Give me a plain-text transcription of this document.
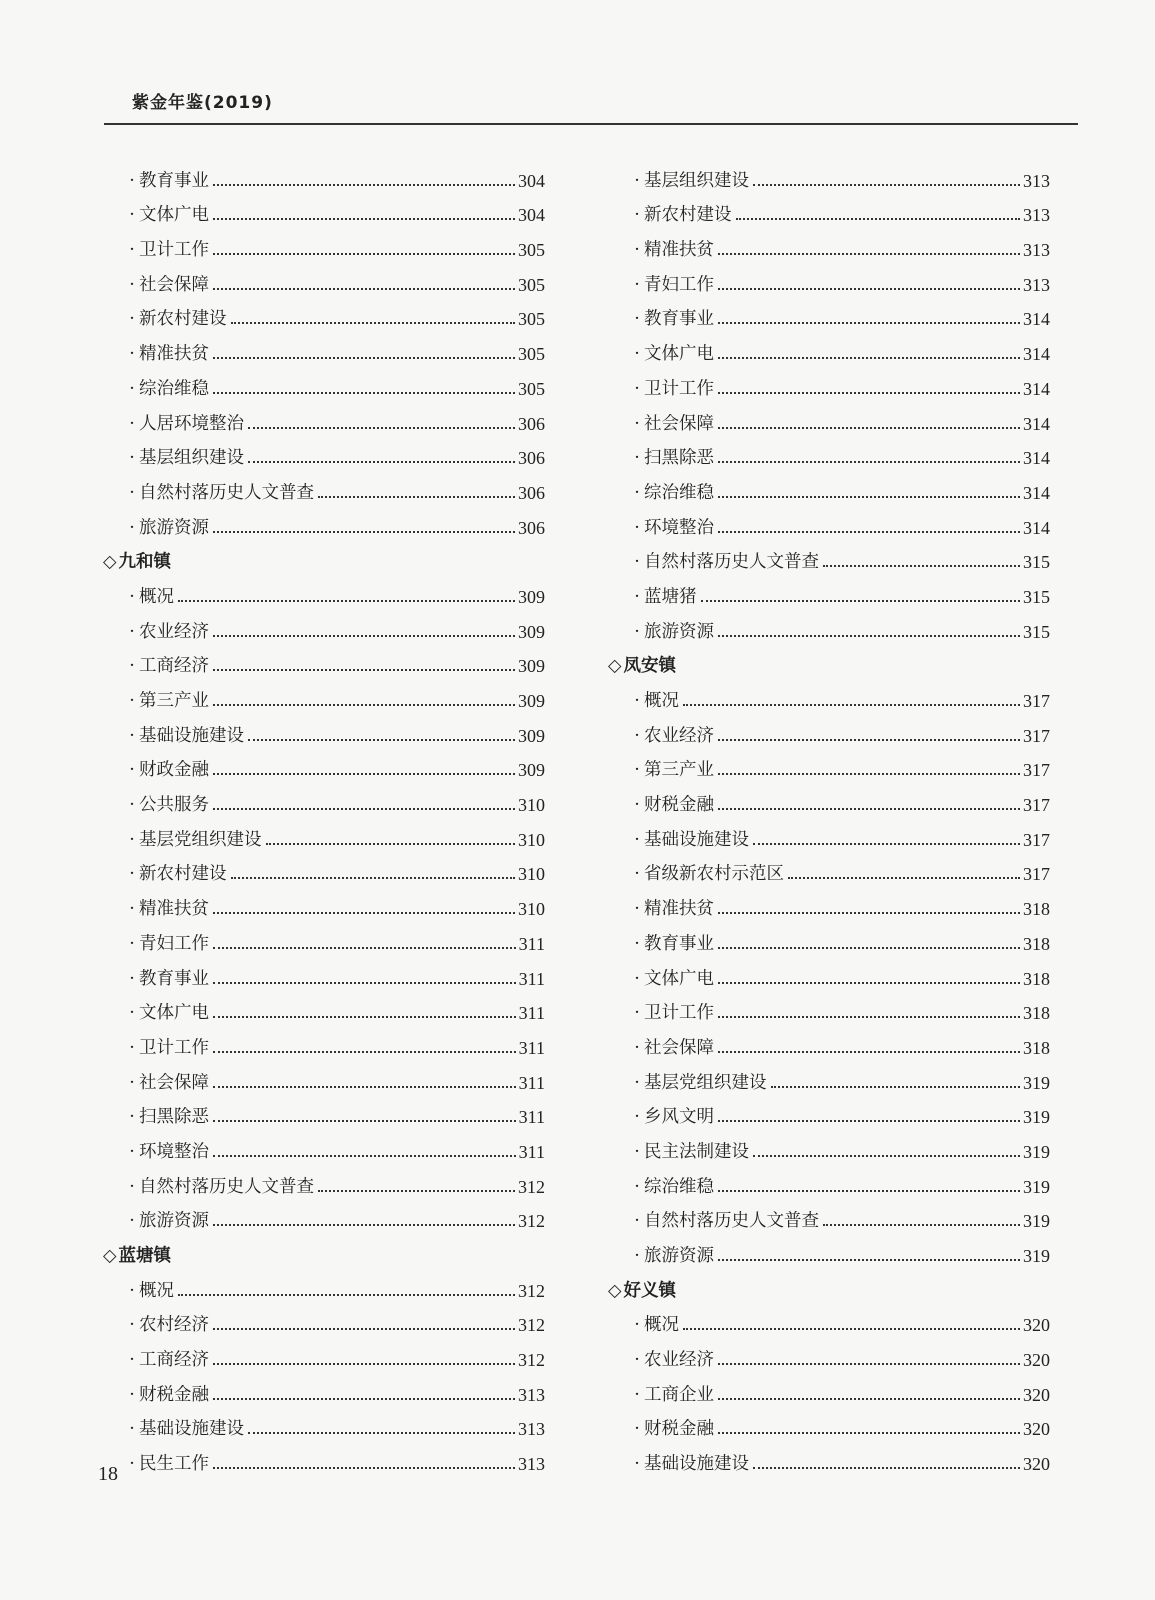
紫金年鉴(2019)
· 教育事业	304
· 文体广电	304
· 卫计工作	305
· 社会保障	305
· 新农村建设	305
· 精准扶贫	305
· 综治维稳	305
· 人居环境整治	306
· 基层组织建设	306
· 自然村落历史人文普查	306
· 旅游资源	306
◇ 九和镇
· 概况	309
· 农业经济	309
· 工商经济	309
· 第三产业	309
· 基础设施建设	309
· 财政金融	309
· 公共服务	310
· 基层党组织建设	310
· 新农村建设	310
· 精准扶贫	310
· 青妇工作	311
· 教育事业	311
· 文体广电	311
· 卫计工作	311
· 社会保障	311
· 扫黑除恶	311
· 环境整治	311
· 自然村落历史人文普查	312
· 旅游资源	312
◇ 蓝塘镇
· 概况	312
· 农村经济	312
· 工商经济	312
· 财税金融	313
· 基础设施建设	313
· 民生工作	313
· 基层组织建设	313
· 新农村建设	313
· 精准扶贫	313
· 青妇工作	313
· 教育事业	314
· 文体广电	314
· 卫计工作	314
· 社会保障	314
· 扫黑除恶	314
· 综治维稳	314
· 环境整治	314
· 自然村落历史人文普查	315
· 蓝塘猪	315
· 旅游资源	315
◇ 凤安镇
· 概况	317
· 农业经济	317
· 第三产业	317
· 财税金融	317
· 基础设施建设	317
· 省级新农村示范区	317
· 精准扶贫	318
· 教育事业	318
· 文体广电	318
· 卫计工作	318
· 社会保障	318
· 基层党组织建设	319
· 乡风文明	319
· 民主法制建设	319
· 综治维稳	319
· 自然村落历史人文普查	319
· 旅游资源	319
◇ 好义镇
· 概况	320
· 农业经济	320
· 工商企业	320
· 财税金融	320
· 基础设施建设	320
18
